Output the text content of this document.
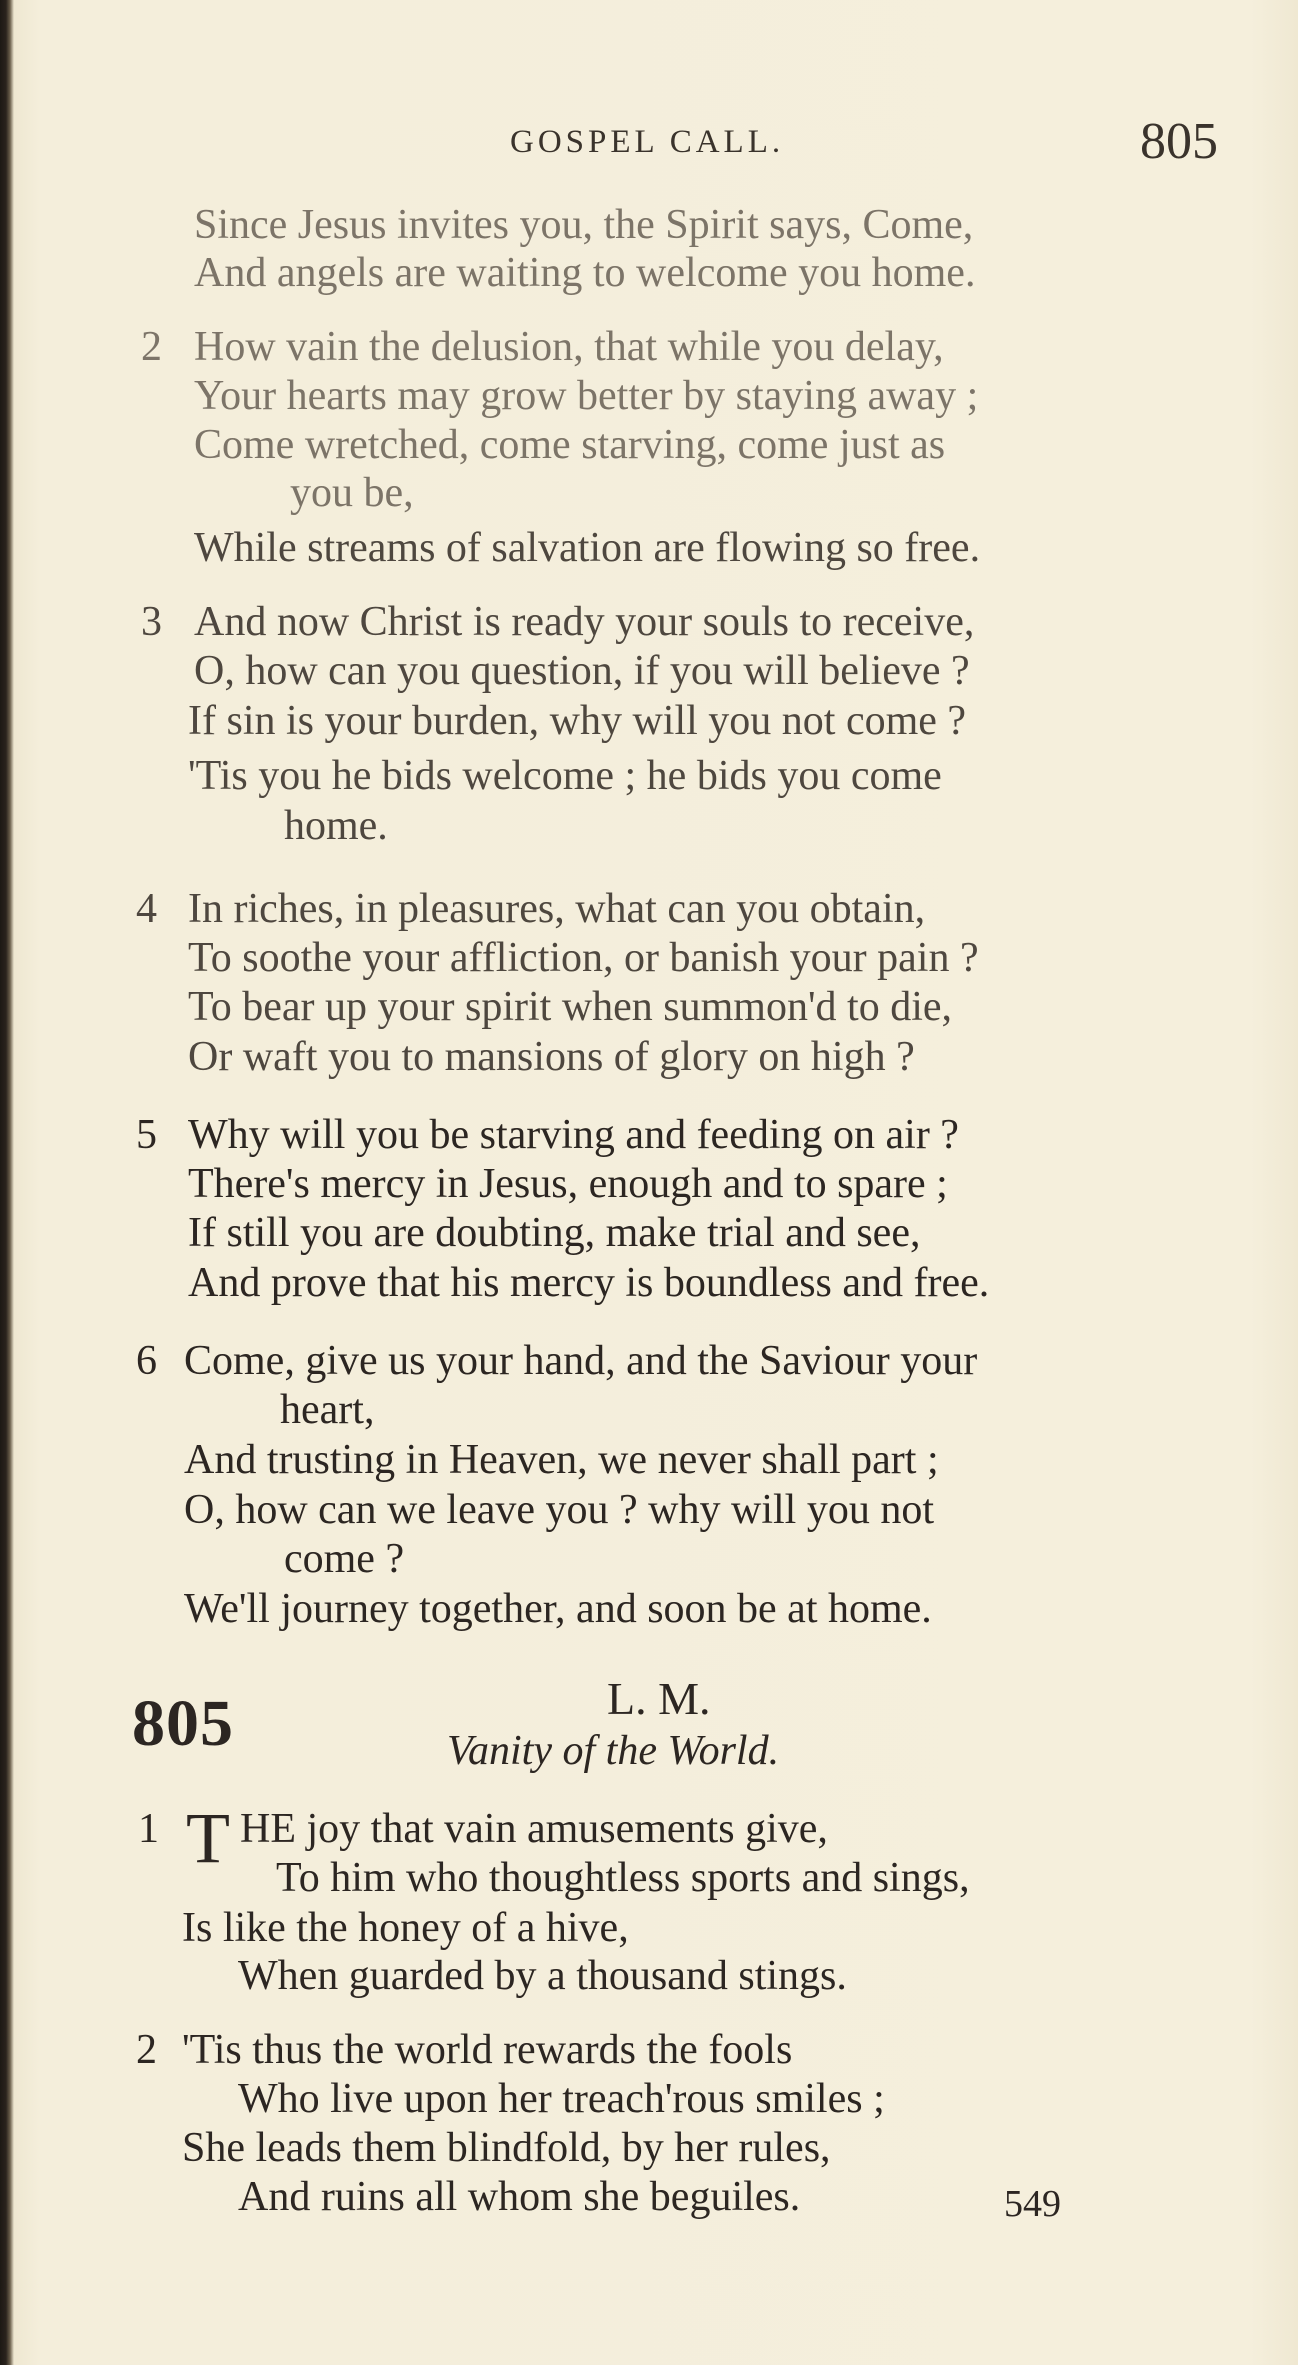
GOSPEL CALL.	805
Since Jesus invites you, the Spirit says, Come,
And angels are waiting to welcome you home.
2 How vain the delusion, that while you delay,
Your hearts may grow better by staying away ;
Come wretched, come starving, come just as
you be,
While streams of salvation are flowing so free.
3 And now Christ is ready your souls to receive,
O, how can you question, if you will believe ?
If sin is your burden, why will you not come ?
'Tis you he bids welcome ; he bids you come
home.
4 In riches, in pleasures, what can you obtain,
To soothe your affliction, or banish your pain ?
To bear up your spirit when summon'd to die,
Or waft you to mansions of glory on high ?
5 Why will you be starving and feeding on air ?
There's mercy in Jesus, enough and to spare ;
If still you are doubting, make trial and see,
And prove that his mercy is boundless and free.
6 Come, give us your hand, and the Saviour your
heart,
And trusting in Heaven, we never shall part ;
O, how can we leave you ? why will you not
come ?
We'll journey together, and soon be at home.
805	L. M.
Vanity of the World.
1 T HE joy that vain amusements give,
To him who thoughtless sports and sings,
Is like the honey of a hive,
When guarded by a thousand stings.
2 'Tis thus the world rewards the fools
Who live upon her treach'rous smiles ;
She leads them blindfold, by her rules,
And ruins all whom she beguiles.	549
